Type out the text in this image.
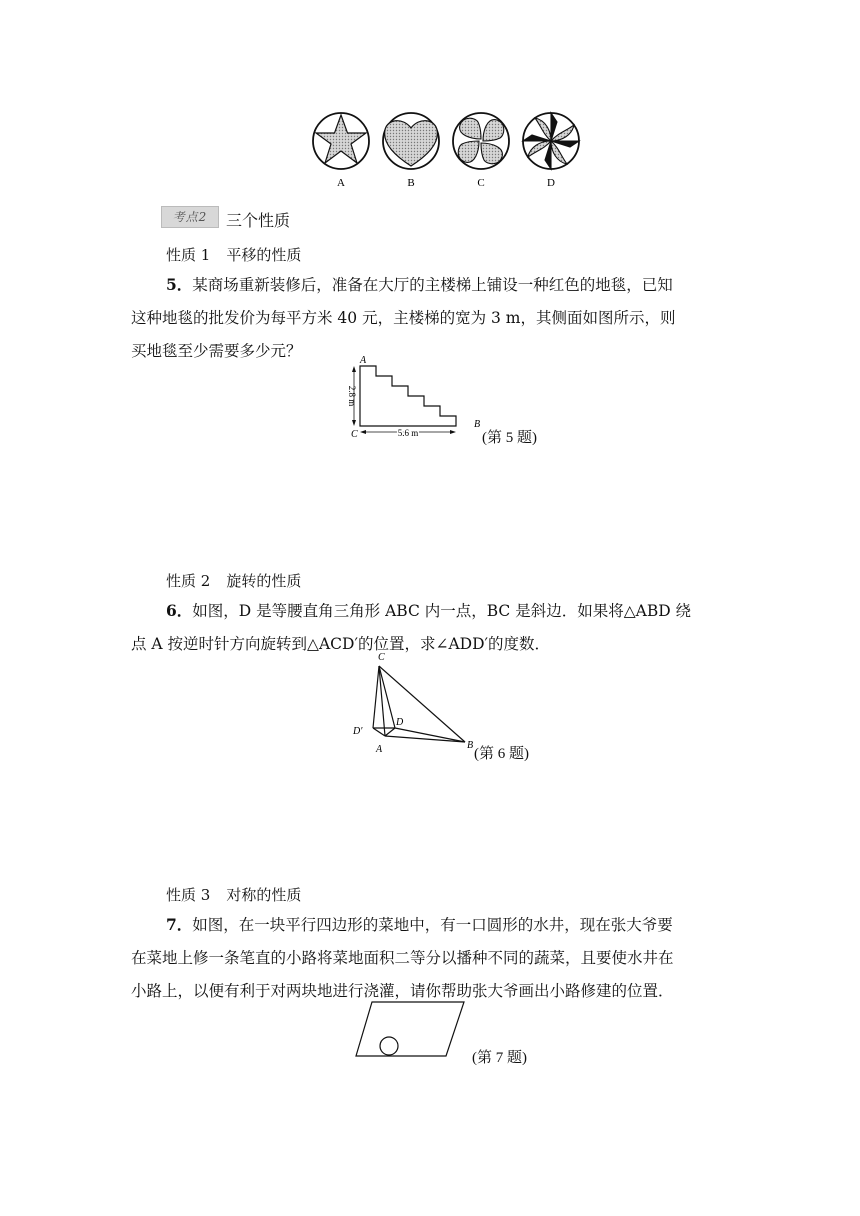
A	B	C	D
考点2	三个性质
性质 1 平移的性质
5．某商场重新装修后，准备在大厅的主楼梯上铺设一种红色的地毯，已知
这种地毯的批发价为每平方米 40 元，主楼梯的宽为 3 m，其侧面如图所示，则
买地毯至少需要多少元？
2.8 m
5.6 m
A
B
C	(第 5 题)
性质 2 旋转的性质
6．如图，D 是等腰直角三角形 ABC 内一点，BC 是斜边．如果将△ABD 绕
点 A 按逆时针方向旋转到△ACD′的位置，求∠ADD′的度数．
C
D
D′
A	B
(第 6 题)
性质 3 对称的性质
7．如图，在一块平行四边形的菜地中，有一口圆形的水井，现在张大爷要
在菜地上修一条笔直的小路将菜地面积二等分以播种不同的蔬菜，且要使水井在
小路上，以便有利于对两块地进行浇灌，请你帮助张大爷画出小路修建的位置．
(第 7 题)
